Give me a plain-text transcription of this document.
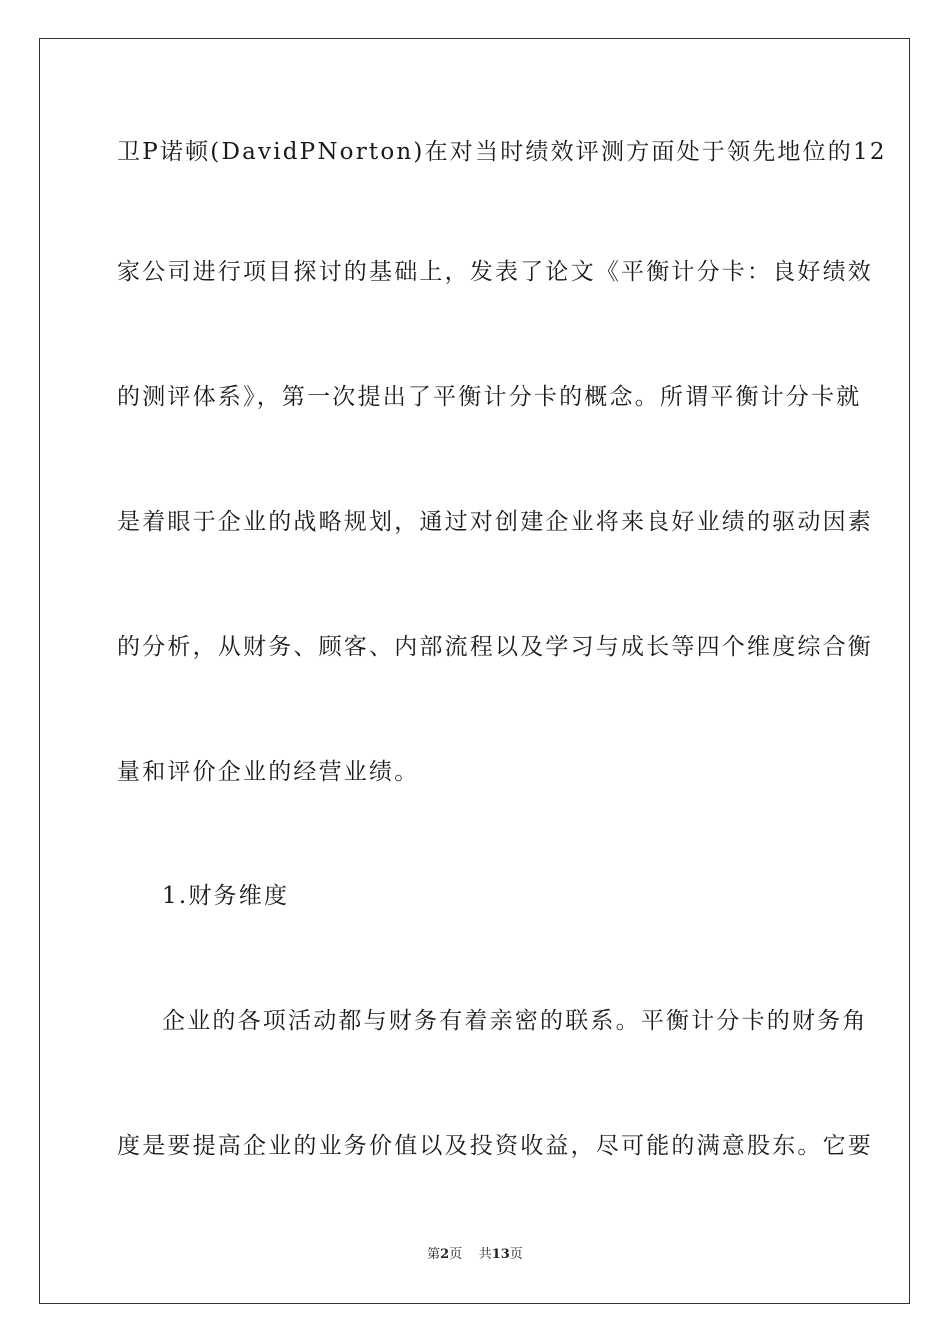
卫P诺顿(DavidPNorton)在对当时绩效评测方面处于领先地位的12
家公司进行项目探讨的基础上，发表了论文《平衡计分卡：良好绩效
的测评体系》，第一次提出了平衡计分卡的概念。所谓平衡计分卡就
是着眼于企业的战略规划，通过对创建企业将来良好业绩的驱动因素
的分析，从财务、顾客、内部流程以及学习与成长等四个维度综合衡
量和评价企业的经营业绩。
1.财务维度
企业的各项活动都与财务有着亲密的联系。平衡计分卡的财务角
度是要提高企业的业务价值以及投资收益，尽可能的满意股东。它要
第2页 共13页
